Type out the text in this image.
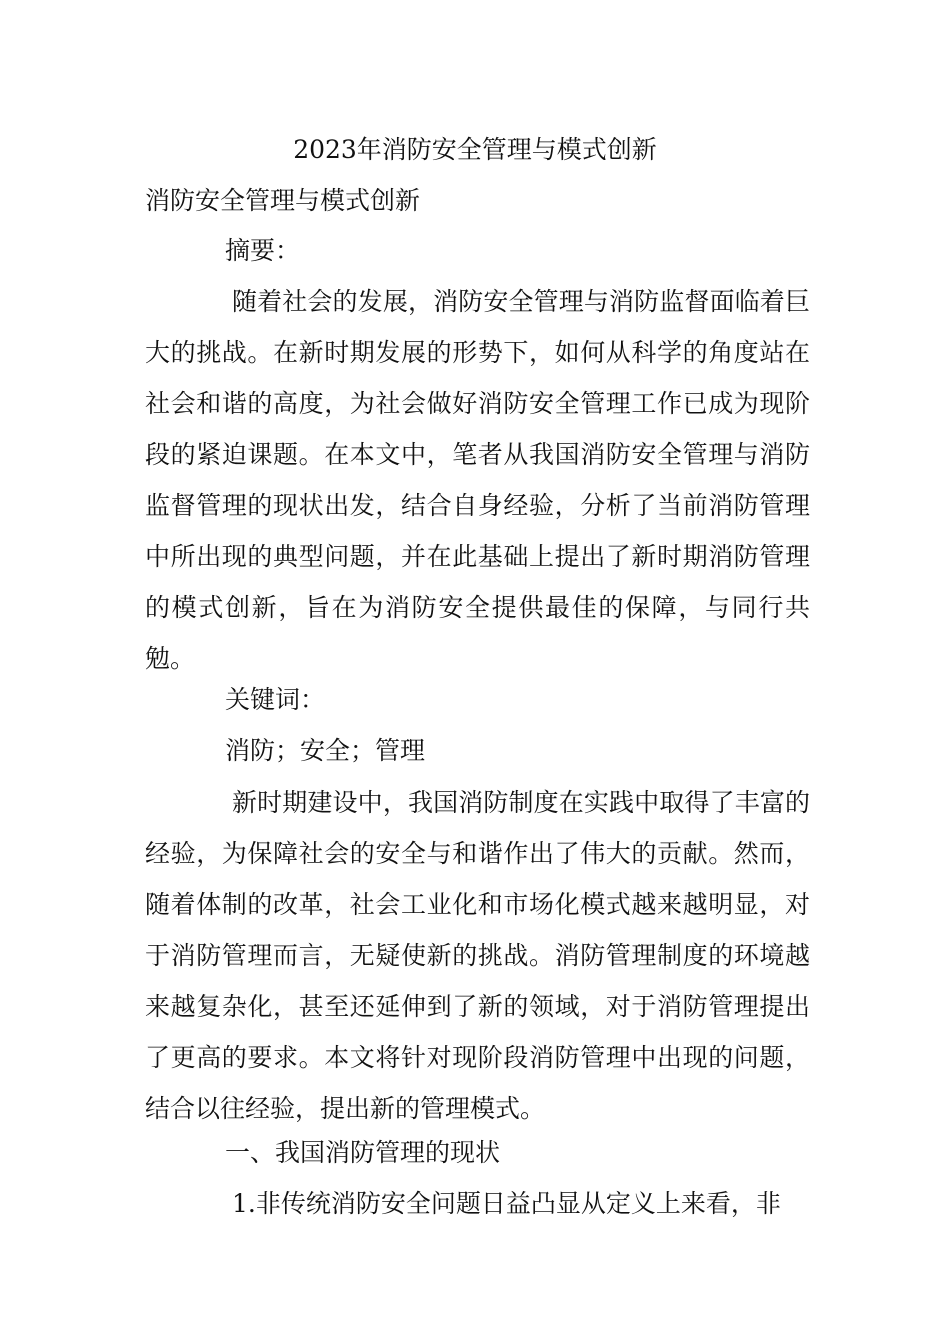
2023年消防安全管理与模式创新
消防安全管理与模式创新
摘要：
随着社会的发展，消防安全管理与消防监督面临着巨大的挑战。在新时期发展的形势下，如何从科学的角度站在社会和谐的高度，为社会做好消防安全管理工作已成为现阶段的紧迫课题。在本文中，笔者从我国消防安全管理与消防监督管理的现状出发，结合自身经验，分析了当前消防管理中所出现的典型问题，并在此基础上提出了新时期消防管理的模式创新，旨在为消防安全提供最佳的保障，与同行共勉。
关键词：
消防；安全；管理
新时期建设中，我国消防制度在实践中取得了丰富的经验，为保障社会的安全与和谐作出了伟大的贡献。然而，随着体制的改革，社会工业化和市场化模式越来越明显，对于消防管理而言，无疑使新的挑战。消防管理制度的环境越来越复杂化，甚至还延伸到了新的领域，对于消防管理提出了更高的要求。本文将针对现阶段消防管理中出现的问题，结合以往经验，提出新的管理模式。
一、我国消防管理的现状
1.非传统消防安全问题日益凸显从定义上来看，非
